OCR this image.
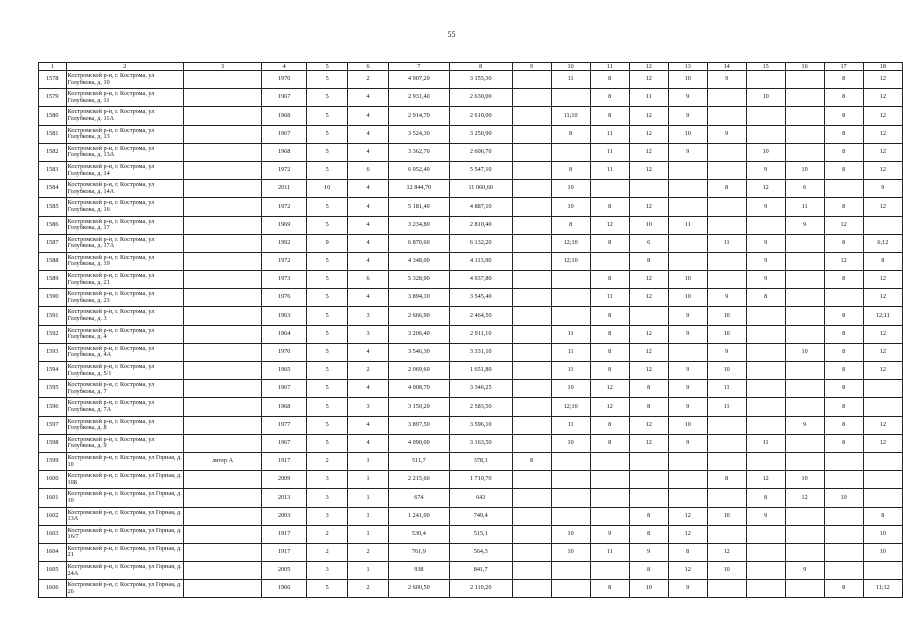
55
1	2	3	4	5	6	7	8	9	10	11	12	13	14	15	16	17	18
1578	Костромской р-н, г. Кострома, ул Голубкова, д. 10		1970	5	2	4 907,20	3 155,30		11	8	12	10	9			8	12
1579	Костромской р-н, г. Кострома, ул Голубкова, д. 11		1967	5	4	2 931,40	2 630,00			8	11	9		10		8	12
1580	Костромской р-н, г. Кострома, ул Голубкова, д. 11А		1968	5	4	2 914,70	2 610,00		11;10	8	12	9				8	12
1581	Костромской р-н, г. Кострома, ул Голубкова, д. 13		1967	5	4	3 524,30	3 250,90		8	11	12	10	9			8	12
1582	Костромской р-н, г. Кострома, ул Голубкова, д. 13А		1968	5	4	3 362,70	2 606,70			11	12	9		10		8	12
1583	Костромской р-н, г. Кострома, ул Голубкова, д. 14		1972	5	6	6 052,40	5 547,10		8	11	12			9	10	8	12
1584	Костромской р-н, г. Кострома, ул Голубкова, д. 14А		2011	10	4	12 844,70	11 060,60		10				8	12	6		9
1585	Костромской р-н, г. Кострома, ул Голубкова, д. 16		1972	5	4	5 181,40	4 887,10		10	8	12			9	11	8	12
1586	Костромской р-н, г. Кострома, ул Голубкова, д. 17		1969	5	4	3 234,80	2 810,40		8	12	10	11			9	12	
1587	Костромской р-н, г. Кострома, ул Голубкова, д. 17А		1992	9	4	6 870,60	6 132,20		12;10	8	6		11	9		8	6;12
1588	Костромской р-н, г. Кострома, ул Голубкова, д. 19		1972	5	4	4 348,00	4 113,90		12;10		8			9		12	8
1589	Костромской р-н, г. Кострома, ул Голубкова, д. 21		1973	5	6	5 328,90	4 937,80			8	12	10		9		8	12
1590	Костромской р-н, г. Кострома, ул Голубкова, д. 23		1976	5	4	3 894,10	3 545,40			11	12	10	9	8			12
1591	Костромской р-н, г. Кострома, ул Голубкова, д. 3		1963	5	3	2 666,90	2 464,50			8		9	10			8	12;11
1592	Костромской р-н, г. Кострома, ул Голубкова, д. 4		1964	5	3	3 206,40	2 911,10		11	8	12	9	10			8	12
1593	Костромской р-н, г. Кострома, ул Голубкова, д. 4А		1970	5	4	3 546,30	3 331,10		11	8	12		9		10	8	12
1594	Костромской р-н, г. Кострома, ул Голубкова, д. 5/1		1965	5	2	2 069,60	1 651,80		11	8	12	9	10			8	12
1595	Костромской р-н, г. Кострома, ул Голубкова, д. 7		1967	5	4	4 008,70	3 346,25		10	12	8	9	11			8	
1596	Костромской р-н, г. Кострома, ул Голубкова, д. 7А		1968	5	3	3 150,20	2 583,50		12;10	12	8	9	11			8	
1597	Костромской р-н, г. Кострома, ул Голубкова, д. 8		1977	5	4	3 897,50	3 596,10		11	8	12	10			9	8	12
1598	Костромской р-н, г. Кострома, ул Голубкова, д. 9		1967	5	4	4 090,00	3 163,50		10	8	12	9		11		8	12
1599	Костромской р-н, г. Кострома, ул Горная, д. 10	литер А	1917	2	1	511,7	378,1	8									
1600	Костромской р-н, г. Кострома, ул Горная, д. 10Б		2009	3	1	2 215,60	1 710,70						8	12	10		
1601	Костромской р-н, г. Кострома, ул Горная, д. 10		2013	3	1	674	643							8	12	10	
1602	Костромской р-н, г. Кострома, ул Горная, д. 13А		2003	3	1	1 241,00	749,4				8	12	10	9			8
1603	Костромской р-н, г. Кострома, ул Горная, д. 16/7		1917	2	1	530,4	515,1		10	9	8	12					10
1604	Костромской р-н, г. Кострома, ул Горная, д. 21		1917	2	2	761,9	564,3		10	11	9	8	12				10
1605	Костромской р-н, г. Кострома, ул Горная, д. 24А		2005	3	1	938	841,7				8	12	10		9		
1606	Костромской р-н, г. Кострома, ул Горная, д. 26		1960	5	2	2 600,50	2 110,20			8	10	9				8	11;12
